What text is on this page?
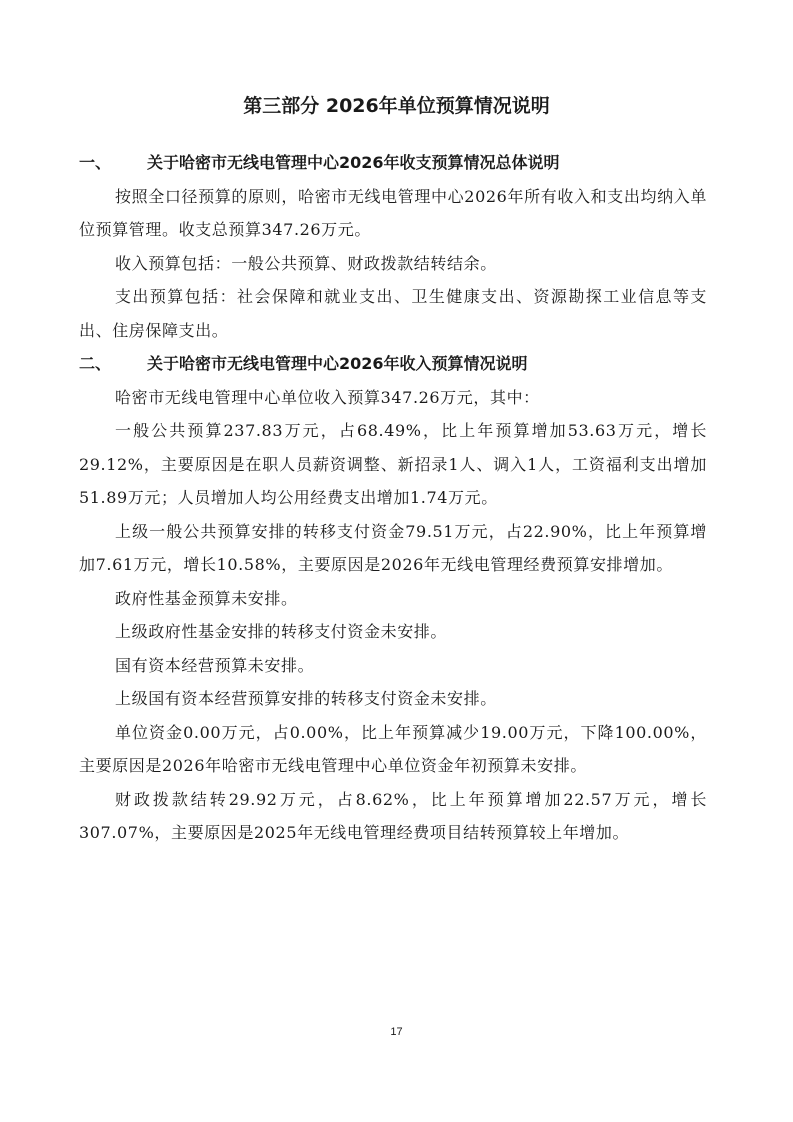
第三部分 2026年单位预算情况说明
一、 关于哈密市无线电管理中心2026年收支预算情况总体说明

按照全口径预算的原则，哈密市无线电管理中心2026年所有收入和支出均纳入单位预算管理。收支总预算347.26万元。

收入预算包括：一般公共预算、财政拨款结转结余。

支出预算包括：社会保障和就业支出、卫生健康支出、资源勘探工业信息等支出、住房保障支出。

二、 关于哈密市无线电管理中心2026年收入预算情况说明

哈密市无线电管理中心单位收入预算347.26万元，其中：

一般公共预算237.83万元，占68.49%，比上年预算增加53.63万元，增长29.12%，主要原因是在职人员薪资调整、新招录1人、调入1人，工资福利支出增加51.89万元；人员增加人均公用经费支出增加1.74万元。

上级一般公共预算安排的转移支付资金79.51万元，占22.90%，比上年预算增加7.61万元，增长10.58%，主要原因是2026年无线电管理经费预算安排增加。

政府性基金预算未安排。

上级政府性基金安排的转移支付资金未安排。

国有资本经营预算未安排。

上级国有资本经营预算安排的转移支付资金未安排。

单位资金0.00万元，占0.00%，比上年预算减少19.00万元，下降100.00%，主要原因是2026年哈密市无线电管理中心单位资金年初预算未安排。

财政拨款结转29.92万元，占8.62%，比上年预算增加22.57万元，增长307.07%，主要原因是2025年无线电管理经费项目结转预算较上年增加。

17
